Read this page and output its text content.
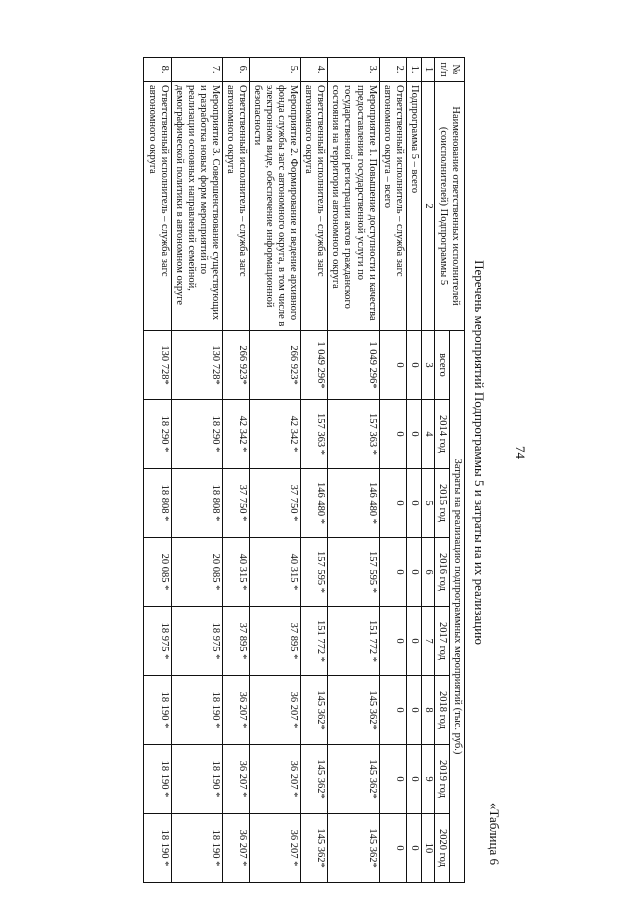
74
«Таблица 6
Перечень мероприятий Подпрограммы 5 и затраты на их реализацию
№ п/п	Наименование ответственных исполнителей (соисполнителей) Подпрограммы 5	Затраты на реализацию подпрограммных мероприятий (тыс. руб.)							
		всего	2014 год	2015 год	2016 год	2017 год	2018 год	2019 год	2020 год
1	2	3	4	5	6	7	8	9	10
1.	Подпрограмма 5 – всего	0	0	0	0	0	0	0	0
2.	Ответственный исполнитель – служба загс автономного округа – всего	0	0	0	0	0	0	0	0
3.	Мероприятие 1. Повышение доступности и качества предоставления государственной услуги по государственной регистрации актов гражданского состояния на территории автономного округа	1 049 296*	157 363 *	146 480 *	157 595 *	151 772 *	145 362*	145 362*	145 362*
4.	Ответственный исполнитель – служба загс автономного округа	1 049 296*	157 363 *	146 480 *	157 595 *	151 772 *	145 362*	145 362*	145 362*
5.	Мероприятие 2. Формирование и ведение архивного фонда службы загс автономного округа, в том числе в электронном виде, обеспечение информационной безопасности	266 923*	42 342 *	37 750 *	40 315 *	37 895 *	36 207 *	36 207 *	36 207 *
6.	Ответственный исполнитель – служба загс автономного округа	266 923*	42 342 *	37 750 *	40 315 *	37 895 *	36 207 *	36 207 *	36 207 *
7.	Мероприятие 3. Совершенствование существующих и разработка новых форм мероприятий по реализации основных направлений семейной, демографической политики в автономном округе	130 728*	18 290 *	18 808 *	20 085 *	18 975 *	18 190 *	18 190 *	18 190 *
8.	Ответственный исполнитель – служба загс автономного округа	130 728*	18 290 *	18 808 *	20 085 *	18 975 *	18 190 *	18 190 *	18 190 *
